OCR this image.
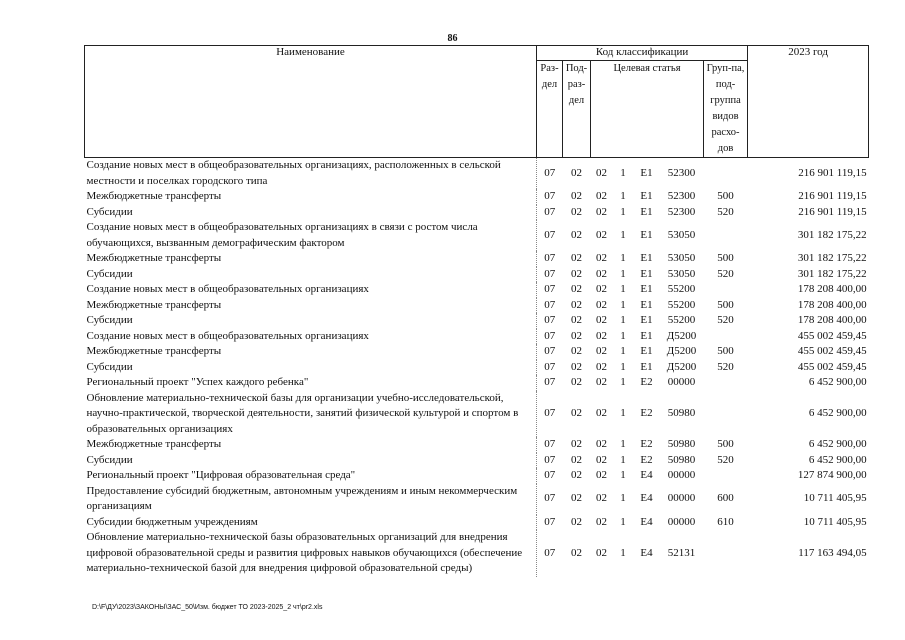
86
Наименование	Код классификации							2023 год
	Раз-дел	Под-раз-дел	Целевая статья				Груп-па, под-группа видов расхо-дов	
Создание новых мест в общеобразовательных организациях, расположенных в сельской местности и поселках городского типа	07	02	02	1	E1	52300		216 901 119,15
Межбюджетные трансферты	07	02	02	1	E1	52300	500	216 901 119,15
Субсидии	07	02	02	1	E1	52300	520	216 901 119,15
Создание новых мест в общеобразовательных организациях в связи с ростом числа обучающихся, вызванным демографическим фактором	07	02	02	1	E1	53050		301 182 175,22
Межбюджетные трансферты	07	02	02	1	E1	53050	500	301 182 175,22
Субсидии	07	02	02	1	E1	53050	520	301 182 175,22
Создание новых мест в общеобразовательных организациях	07	02	02	1	E1	55200		178 208 400,00
Межбюджетные трансферты	07	02	02	1	E1	55200	500	178 208 400,00
Субсидии	07	02	02	1	E1	55200	520	178 208 400,00
Создание новых мест в общеобразовательных организациях	07	02	02	1	E1	Д5200		455 002 459,45
Межбюджетные трансферты	07	02	02	1	E1	Д5200	500	455 002 459,45
Субсидии	07	02	02	1	E1	Д5200	520	455 002 459,45
Региональный проект "Успех каждого ребенка"	07	02	02	1	E2	00000		6 452 900,00
Обновление материально-технической базы для организации учебно-исследовательской, научно-практической, творческой деятельности, занятий физической культурой и спортом в образовательных организациях	07	02	02	1	E2	50980		6 452 900,00
Межбюджетные трансферты	07	02	02	1	E2	50980	500	6 452 900,00
Субсидии	07	02	02	1	E2	50980	520	6 452 900,00
Региональный проект "Цифровая образовательная среда"	07	02	02	1	E4	00000		127 874 900,00
Предоставление субсидий бюджетным, автономным учреждениям и иным некоммерческим организациям	07	02	02	1	E4	00000	600	10 711 405,95
Субсидии бюджетным учреждениям	07	02	02	1	E4	00000	610	10 711 405,95
Обновление материально-технической базы образовательных организаций для внедрения цифровой образовательной среды и развития цифровых навыков обучающихся (обеспечение материально-технической базой для внедрения цифровой образовательной среды)	07	02	02	1	E4	52131		117 163 494,05
D:\F\ДУ\2023\ЗАКОНЫ\ЗАС_50\Изм. бюджет ТО 2023-2025_2 чт\pr2.xls
